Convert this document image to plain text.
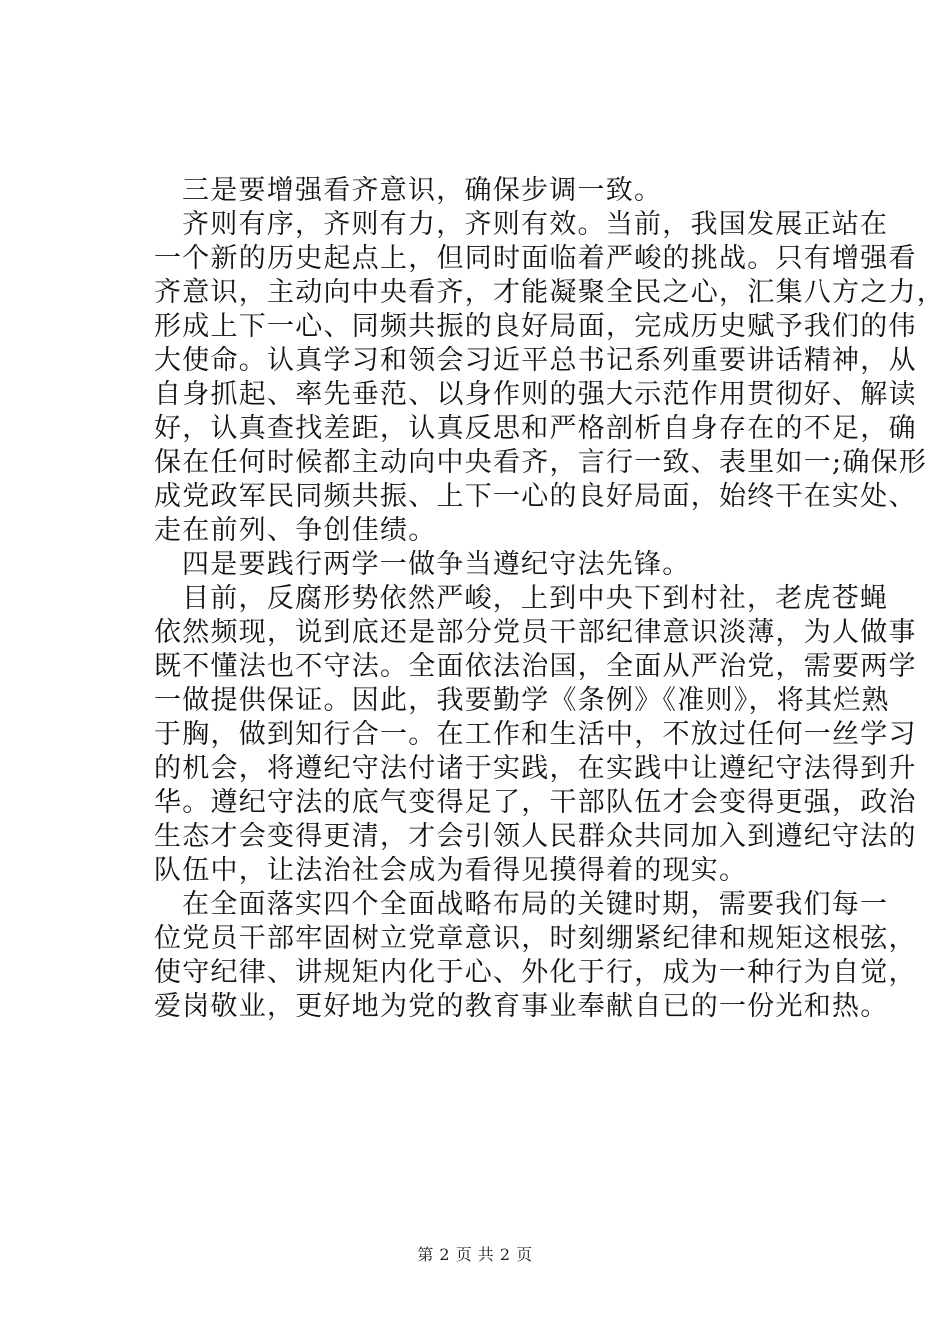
三是要增强看齐意识，确保步调一致。
齐则有序，齐则有力，齐则有效。当前，我国发展正站在
一个新的历史起点上，但同时面临着严峻的挑战。只有增强看
齐意识，主动向中央看齐，才能凝聚全民之心，汇集八方之力，
形成上下一心、同频共振的良好局面，完成历史赋予我们的伟
大使命。认真学习和领会习近平总书记系列重要讲话精神，从
自身抓起、率先垂范、以身作则的强大示范作用贯彻好、解读
好，认真查找差距，认真反思和严格剖析自身存在的不足，确
保在任何时候都主动向中央看齐，言行一致、表里如一;确保形
成党政军民同频共振、上下一心的良好局面，始终干在实处、
走在前列、争创佳绩。
四是要践行两学一做争当遵纪守法先锋。
目前，反腐形势依然严峻，上到中央下到村社，老虎苍蝇
依然频现，说到底还是部分党员干部纪律意识淡薄，为人做事
既不懂法也不守法。全面依法治国，全面从严治党，需要两学
一做提供保证。因此，我要勤学《条例》《准则》，将其烂熟
于胸，做到知行合一。在工作和生活中，不放过任何一丝学习
的机会，将遵纪守法付诸于实践，在实践中让遵纪守法得到升
华。遵纪守法的底气变得足了，干部队伍才会变得更强，政治
生态才会变得更清，才会引领人民群众共同加入到遵纪守法的
队伍中，让法治社会成为看得见摸得着的现实。
在全面落实四个全面战略布局的关键时期，需要我们每一
位党员干部牢固树立党章意识，时刻绷紧纪律和规矩这根弦，
使守纪律、讲规矩内化于心、外化于行，成为一种行为自觉，
爱岗敬业，更好地为党的教育事业奉献自已的一份光和热。
第 2 页 共 2 页
